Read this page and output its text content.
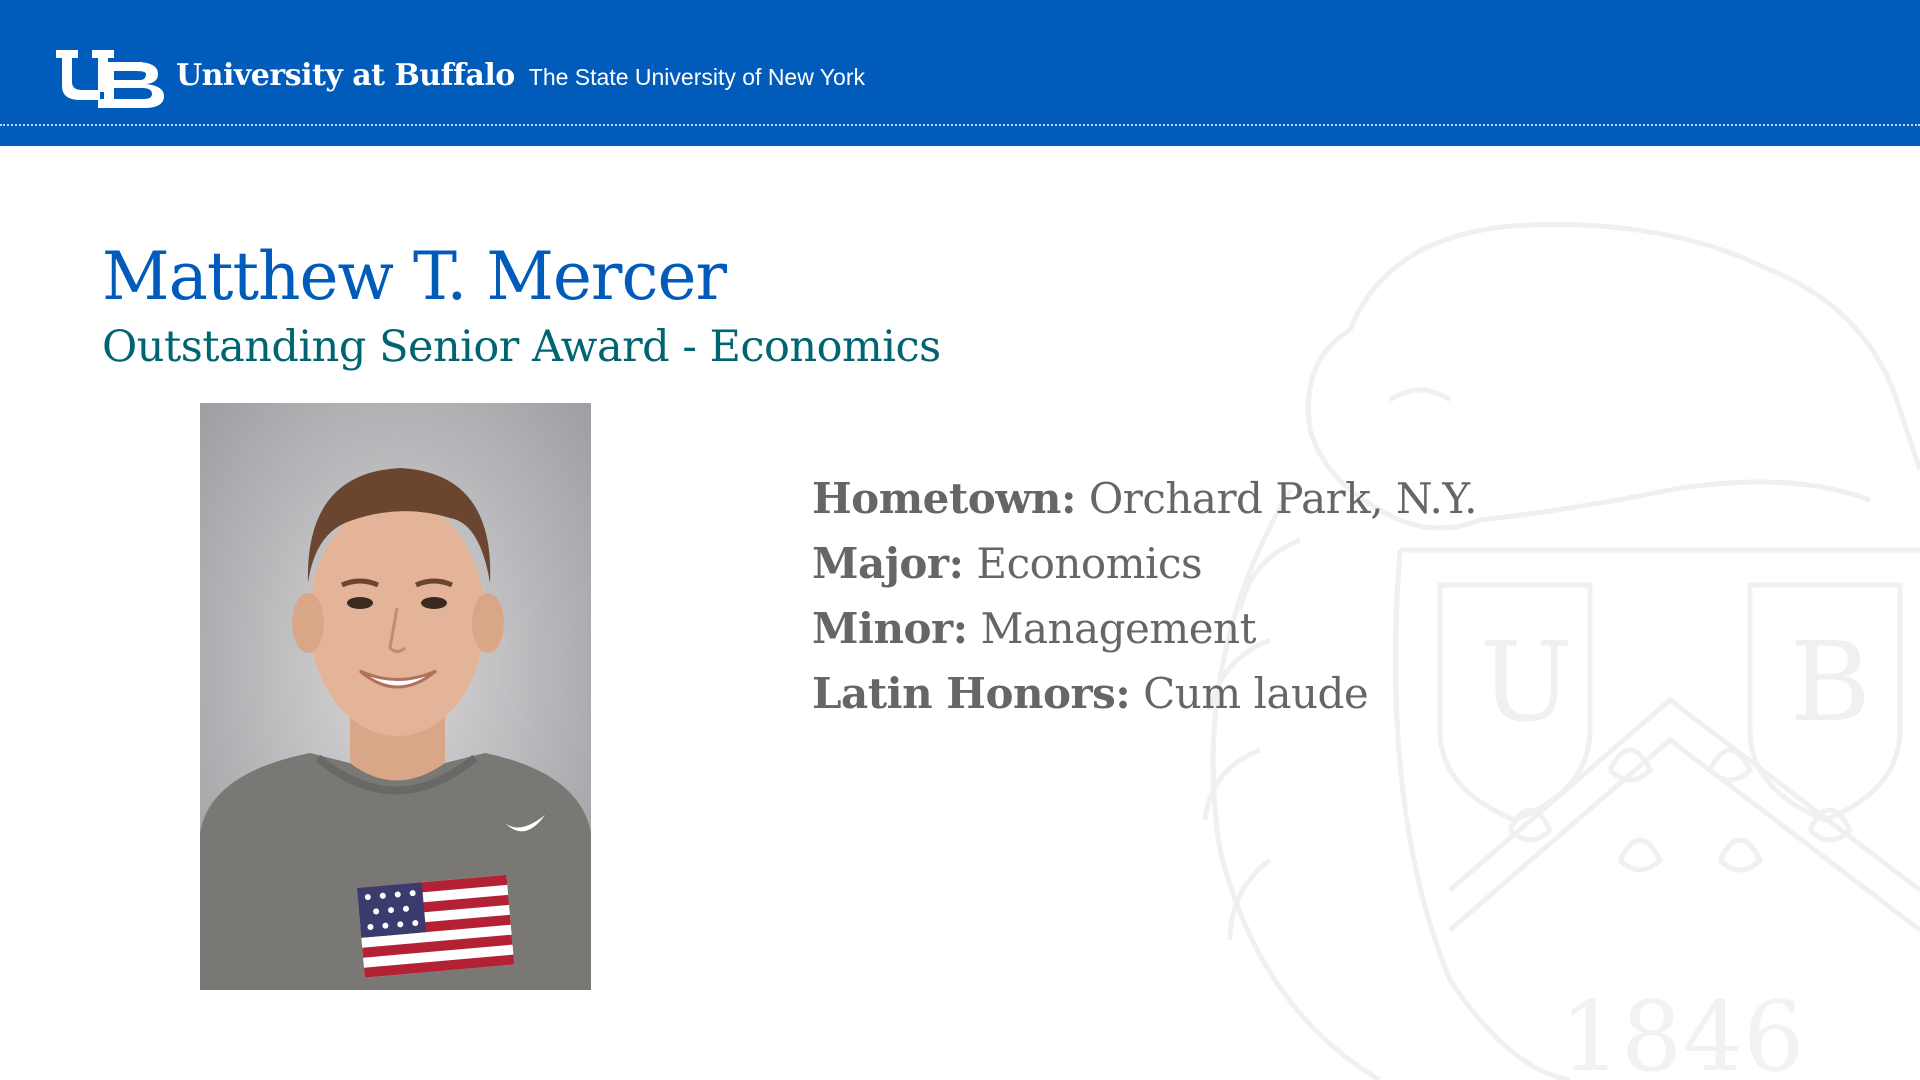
University at Buffalo The State University of New York
U B
1846
Matthew T. Mercer
Outstanding Senior Award - Economics
Hometown: Orchard Park, N.Y.
Major: Economics
Minor: Management
Latin Honors: Cum laude
